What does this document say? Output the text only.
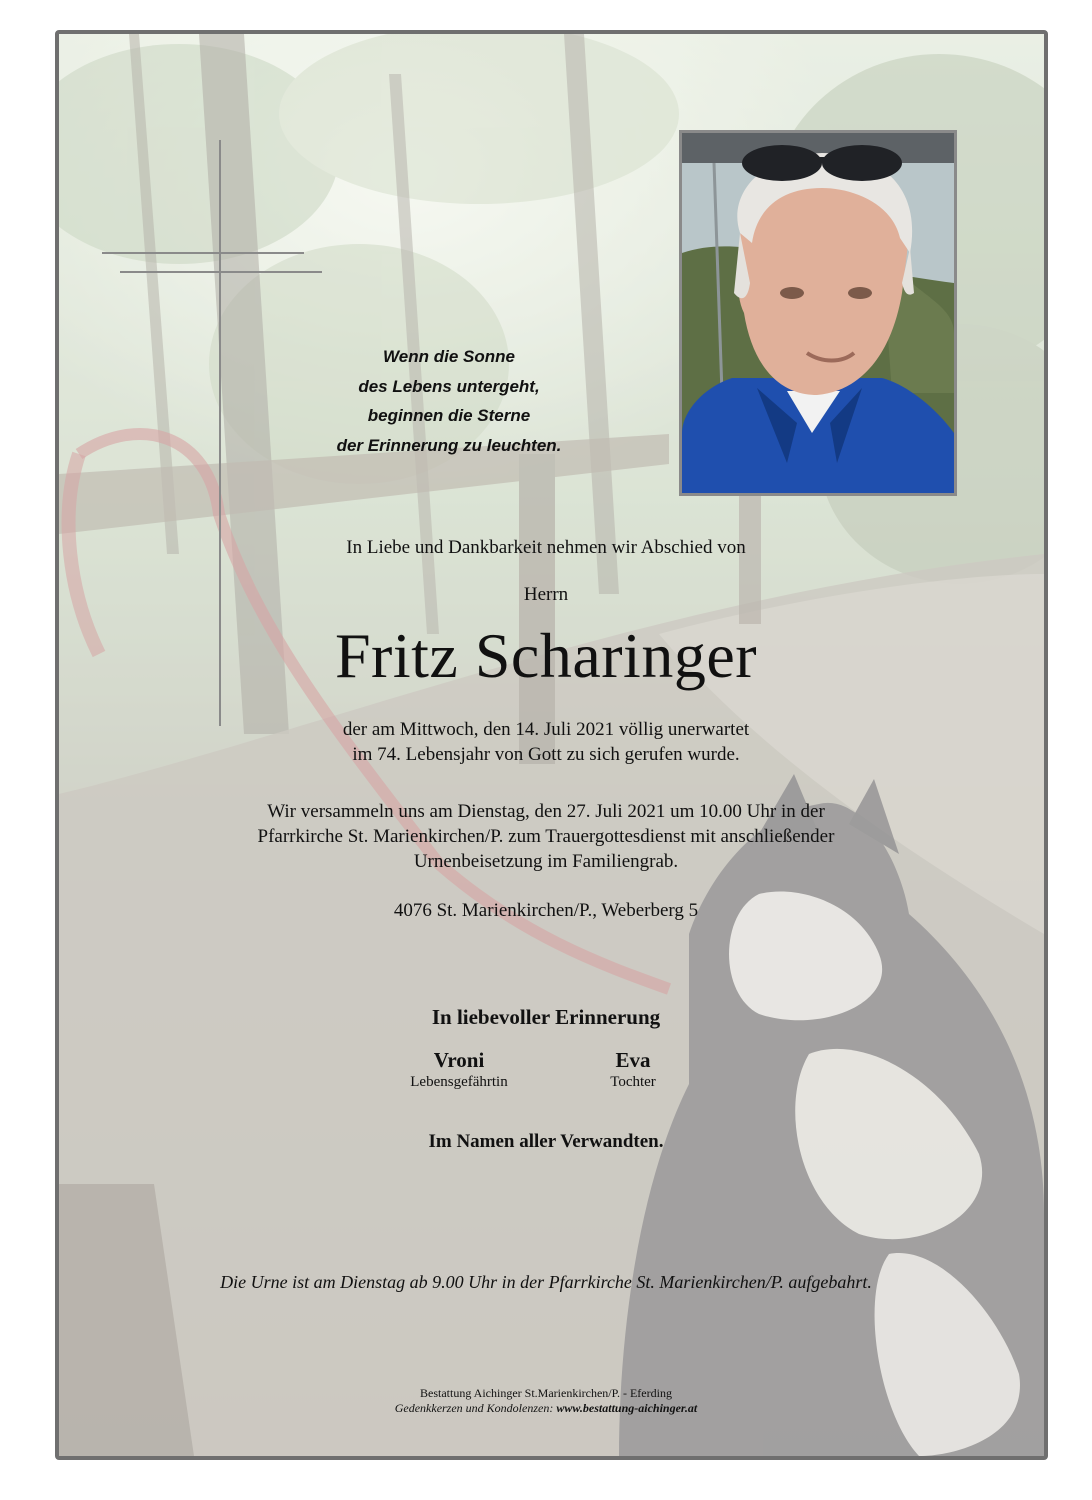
Wenn die Sonne
des Lebens untergeht,
beginnen die Sterne
der Erinnerung zu leuchten.
In Liebe und Dankbarkeit nehmen wir Abschied von
Herrn
Fritz Scharinger
der am Mittwoch, den 14. Juli 2021 völlig unerwartet
im 74. Lebensjahr von Gott zu sich gerufen wurde.
Wir versammeln uns am Dienstag, den 27. Juli 2021 um 10.00 Uhr in der
Pfarrkirche St. Marienkirchen/P. zum Trauergottesdienst mit anschließender
Urnenbeisetzung im Familiengrab.
4076 St. Marienkirchen/P., Weberberg 5
In liebevoller Erinnerung
Vroni
Lebensgefährtin

Eva
Tochter
Im Namen aller Verwandten.
Die Urne ist am Dienstag ab 9.00 Uhr in der Pfarrkirche St. Marienkirchen/P. aufgebahrt.
Bestattung Aichinger St.Marienkirchen/P. - Eferding
Gedenkkerzen und Kondolenzen: www.bestattung-aichinger.at
